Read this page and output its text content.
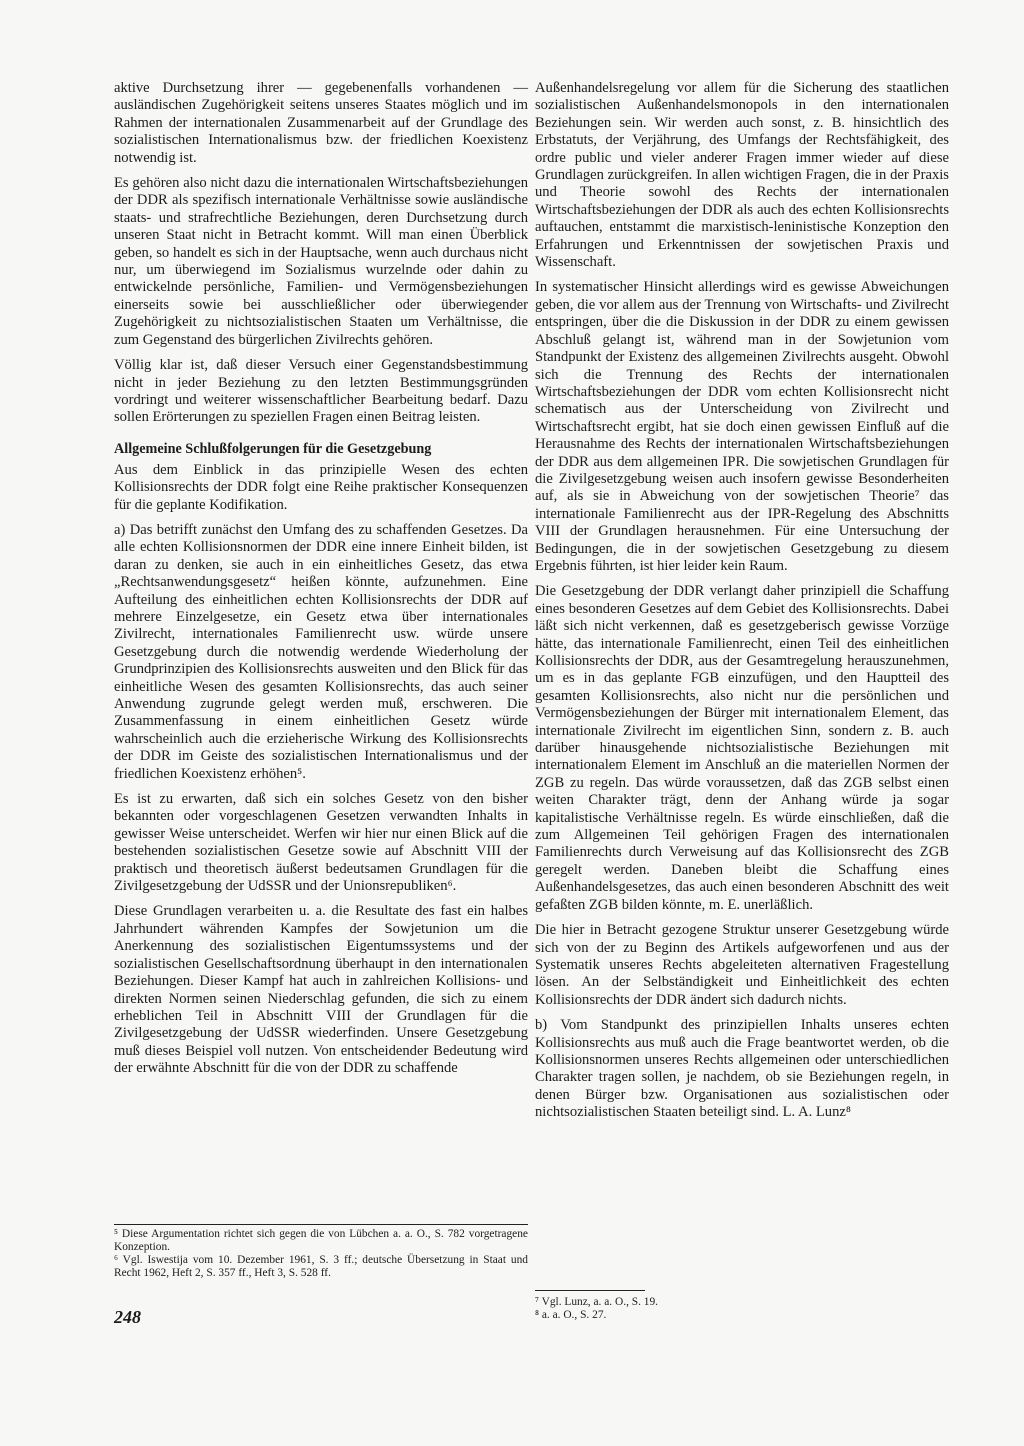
aktive Durchsetzung ihrer — gegebenenfalls vorhandenen — ausländischen Zugehörigkeit seitens unseres Staates möglich und im Rahmen der internationalen Zusammenarbeit auf der Grundlage des sozialistischen Internationalismus bzw. der friedlichen Koexistenz notwendig ist.

Es gehören also nicht dazu die internationalen Wirtschaftsbeziehungen der DDR als spezifisch internationale Verhältnisse sowie ausländische staats- und strafrechtliche Beziehungen, deren Durchsetzung durch unseren Staat nicht in Betracht kommt. Will man einen Überblick geben, so handelt es sich in der Hauptsache, wenn auch durchaus nicht nur, um überwiegend im Sozialismus wurzelnde oder dahin zu entwickelnde persönliche, Familien- und Vermögensbeziehungen einerseits sowie bei ausschließlicher oder überwiegender Zugehörigkeit zu nichtsozialistischen Staaten um Verhältnisse, die zum Gegenstand des bürgerlichen Zivilrechts gehören.

Völlig klar ist, daß dieser Versuch einer Gegenstandsbestimmung nicht in jeder Beziehung zu den letzten Bestimmungsgründen vordringt und weiterer wissenschaftlicher Bearbeitung bedarf. Dazu sollen Erörterungen zu speziellen Fragen einen Beitrag leisten.

Allgemeine Schlußfolgerungen für die Gesetzgebung

Aus dem Einblick in das prinzipielle Wesen des echten Kollisionsrechts der DDR folgt eine Reihe praktischer Konsequenzen für die geplante Kodifikation.

a) Das betrifft zunächst den Umfang des zu schaffenden Gesetzes. Da alle echten Kollisionsnormen der DDR eine innere Einheit bilden, ist daran zu denken, sie auch in ein einheitliches Gesetz, das etwa „Rechtsanwendungsgesetz“ heißen könnte, aufzunehmen. Eine Aufteilung des einheitlichen echten Kollisionsrechts der DDR auf mehrere Einzelgesetze, ein Gesetz etwa über internationales Zivilrecht, internationales Familienrecht usw. würde unsere Gesetzgebung durch die notwendig werdende Wiederholung der Grundprinzipien des Kollisionsrechts ausweiten und den Blick für das einheitliche Wesen des gesamten Kollisionsrechts, das auch seiner Anwendung zugrunde gelegt werden muß, erschweren. Die Zusammenfassung in einem einheitlichen Gesetz würde wahrscheinlich auch die erzieherische Wirkung des Kollisionsrechts der DDR im Geiste des sozialistischen Internationalismus und der friedlichen Koexistenz erhöhen⁵.

Es ist zu erwarten, daß sich ein solches Gesetz von den bisher bekannten oder vorgeschlagenen Gesetzen verwandten Inhalts in gewisser Weise unterscheidet. Werfen wir hier nur einen Blick auf die bestehenden sozialistischen Gesetze sowie auf Abschnitt VIII der praktisch und theoretisch äußerst bedeutsamen Grundlagen für die Zivilgesetzgebung der UdSSR und der Unionsrepubliken⁶.

Diese Grundlagen verarbeiten u. a. die Resultate des fast ein halbes Jahrhundert währenden Kampfes der Sowjetunion um die Anerkennung des sozialistischen Eigentumssystems und der sozialistischen Gesellschaftsordnung überhaupt in den internationalen Beziehungen. Dieser Kampf hat auch in zahlreichen Kollisions- und direkten Normen seinen Niederschlag gefunden, die sich zu einem erheblichen Teil in Abschnitt VIII der Grundlagen für die Zivilgesetzgebung der UdSSR wiederfinden. Unsere Gesetzgebung muß dieses Beispiel voll nutzen. Von entscheidender Bedeutung wird der erwähnte Abschnitt für die von der DDR zu schaffende

Außenhandelsregelung vor allem für die Sicherung des staatlichen sozialistischen Außenhandelsmonopols in den internationalen Beziehungen sein. Wir werden auch sonst, z. B. hinsichtlich des Erbstatuts, der Verjährung, des Umfangs der Rechtsfähigkeit, des ordre public und vieler anderer Fragen immer wieder auf diese Grundlagen zurückgreifen. In allen wichtigen Fragen, die in der Praxis und Theorie sowohl des Rechts der internationalen Wirtschaftsbeziehungen der DDR als auch des echten Kollisionsrechts auftauchen, entstammt die marxistisch-leninistische Konzeption den Erfahrungen und Erkenntnissen der sowjetischen Praxis und Wissenschaft.

In systematischer Hinsicht allerdings wird es gewisse Abweichungen geben, die vor allem aus der Trennung von Wirtschafts- und Zivilrecht entspringen, über die die Diskussion in der DDR zu einem gewissen Abschluß gelangt ist, während man in der Sowjetunion vom Standpunkt der Existenz des allgemeinen Zivilrechts ausgeht. Obwohl sich die Trennung des Rechts der internationalen Wirtschaftsbeziehungen der DDR vom echten Kollisionsrecht nicht schematisch aus der Unterscheidung von Zivilrecht und Wirtschaftsrecht ergibt, hat sie doch einen gewissen Einfluß auf die Herausnahme des Rechts der internationalen Wirtschaftsbeziehungen der DDR aus dem allgemeinen IPR. Die sowjetischen Grundlagen für die Zivilgesetzgebung weisen auch insofern gewisse Besonderheiten auf, als sie in Abweichung von der sowjetischen Theorie⁷ das internationale Familienrecht aus der IPR-Regelung des Abschnitts VIII der Grundlagen herausnehmen. Für eine Untersuchung der Bedingungen, die in der sowjetischen Gesetzgebung zu diesem Ergebnis führten, ist hier leider kein Raum.

Die Gesetzgebung der DDR verlangt daher prinzipiell die Schaffung eines besonderen Gesetzes auf dem Gebiet des Kollisionsrechts. Dabei läßt sich nicht verkennen, daß es gesetzgeberisch gewisse Vorzüge hätte, das internationale Familienrecht, einen Teil des einheitlichen Kollisionsrechts der DDR, aus der Gesamtregelung herauszunehmen, um es in das geplante FGB einzufügen, und den Hauptteil des gesamten Kollisionsrechts, also nicht nur die persönlichen und Vermögensbeziehungen der Bürger mit internationalem Element, das internationale Zivilrecht im eigentlichen Sinn, sondern z. B. auch darüber hinausgehende nichtsozialistische Beziehungen mit internationalem Element im Anschluß an die materiellen Normen der ZGB zu regeln. Das würde voraussetzen, daß das ZGB selbst einen weiten Charakter trägt, denn der Anhang würde ja sogar kapitalistische Verhältnisse regeln. Es würde einschließen, daß die zum Allgemeinen Teil gehörigen Fragen des internationalen Familienrechts durch Verweisung auf das Kollisionsrecht des ZGB geregelt werden. Daneben bleibt die Schaffung eines Außenhandelsgesetzes, das auch einen besonderen Abschnitt des weit gefaßten ZGB bilden könnte, m. E. unerläßlich.

Die hier in Betracht gezogene Struktur unserer Gesetzgebung würde sich von der zu Beginn des Artikels aufgeworfenen und aus der Systematik unseres Rechts abgeleiteten alternativen Fragestellung lösen. An der Selbständigkeit und Einheitlichkeit des echten Kollisionsrechts der DDR ändert sich dadurch nichts.

b) Vom Standpunkt des prinzipiellen Inhalts unseres echten Kollisionsrechts aus muß auch die Frage beantwortet werden, ob die Kollisionsnormen unseres Rechts allgemeinen oder unterschiedlichen Charakter tragen sollen, je nachdem, ob sie Beziehungen regeln, in denen Bürger bzw. Organisationen aus sozialistischen oder nichtsozialistischen Staaten beteiligt sind. L. A. Lunz⁸

⁵ Diese Argumentation richtet sich gegen die von Lübchen a. a. O., S. 782 vorgetragene Konzeption.

⁶ Vgl. Iswestija vom 10. Dezember 1961, S. 3 ff.; deutsche Übersetzung in Staat und Recht 1962, Heft 2, S. 357 ff., Heft 3, S. 528 ff.

⁷ Vgl. Lunz, a. a. O., S. 19.

⁸ a. a. O., S. 27.

248
